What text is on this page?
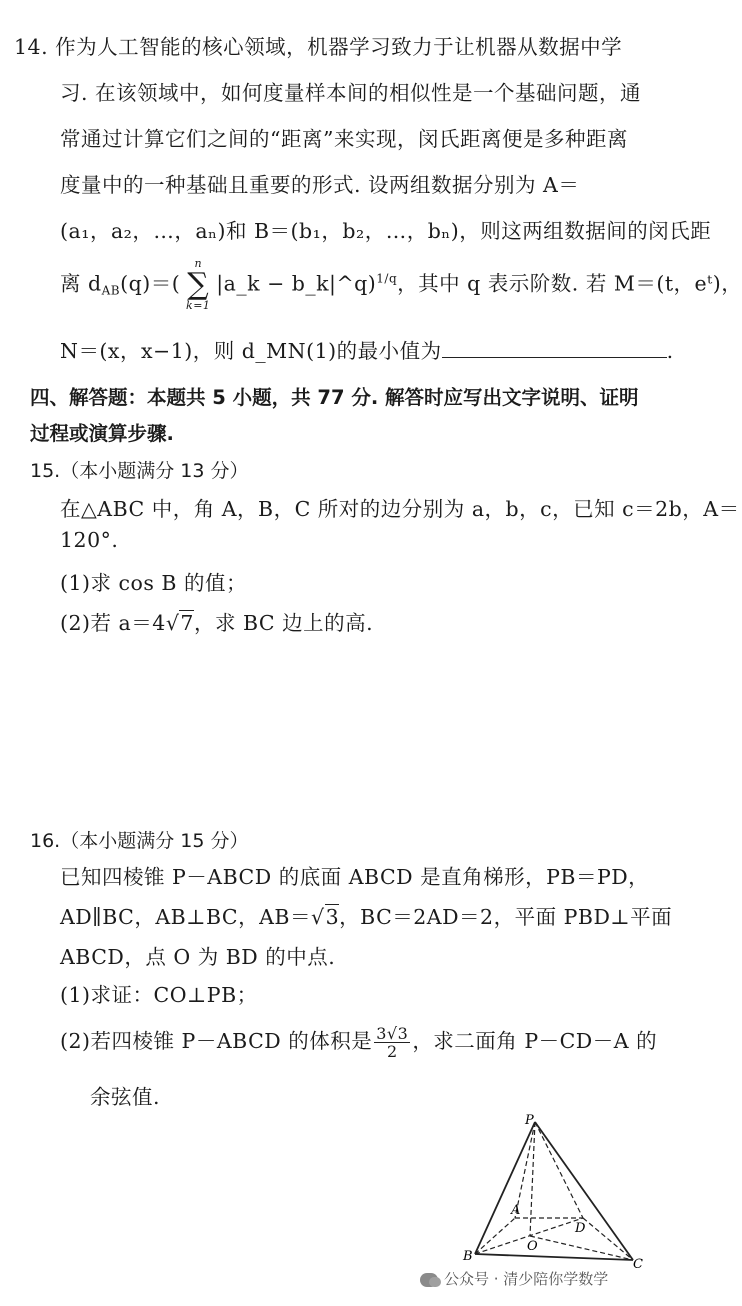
14. 作为人工智能的核心领域，机器学习致力于让机器从数据中学
习. 在该领域中，如何度量样本间的相似性是一个基础问题，通
常通过计算它们之间的“距离”来实现，闵氏距离便是多种距离
度量中的一种基础且重要的形式. 设两组数据分别为 A＝
(a₁，a₂，…，aₙ)和 B＝(b₁，b₂，…，bₙ)，则这两组数据间的闵氏距
离 $d_{AB}(q)=$(
n
∑
k=1
|a_k − b_k|^q)$^{1/q}$，其中 q 表示阶数. 若 M＝(t，eᵗ)，
N＝(x，x−1)，则 d_MN(1)的最小值为	.
四、解答题：本题共 5 小题，共 77 分. 解答时应写出文字说明、证明
过程或演算步骤.
15.（本小题满分 13 分）
在△ABC 中，角 A，B，C 所对的边分别为 a，b，c，已知 c＝2b，A＝
120°.
(1)求 cos B 的值；
(2)若 a＝4√7，求 BC 边上的高.
16.（本小题满分 15 分）
已知四棱锥 P－ABCD 的底面 ABCD 是直角梯形，PB＝PD，
AD∥BC，AB⊥BC，AB＝√3，BC＝2AD＝2，平面 PBD⊥平面
ABCD，点 O 为 BD 的中点.
(1)求证：CO⊥PB；
(2)若四棱锥 P－ABCD 的体积是 $\frac{3√3}{2}$ ，求二面角 P－CD－A 的
余弦值.
P
A
D
O
B
C
公众号 · 清少陪你学数学
